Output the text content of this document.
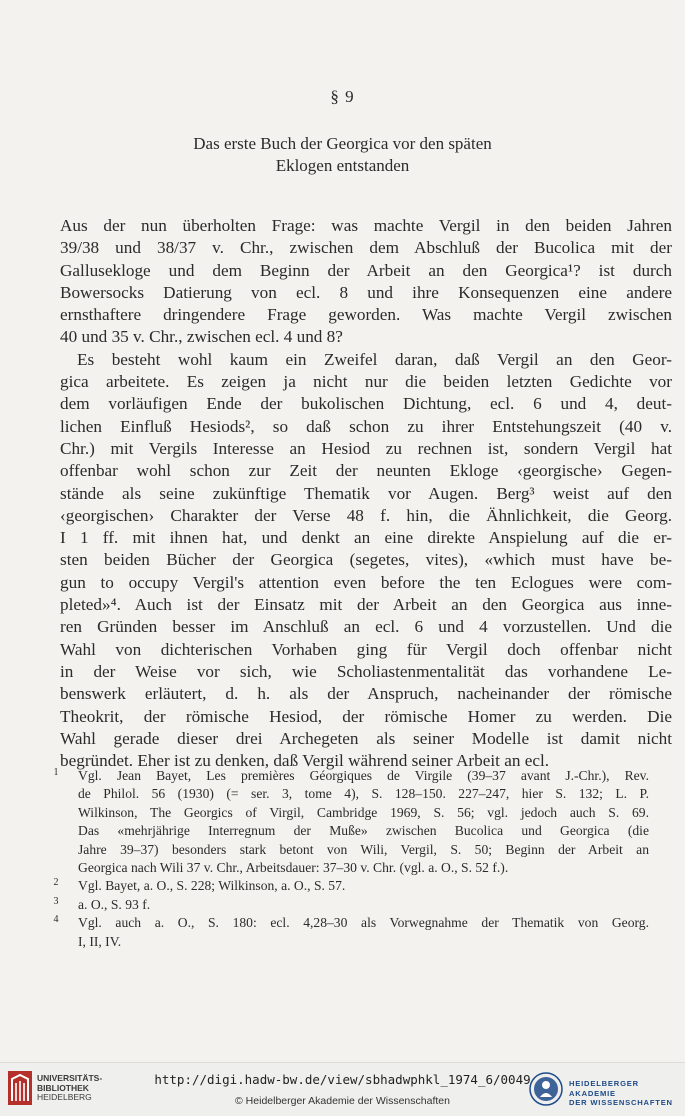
§ 9
Das erste Buch der Georgica vor den späten
Eklogen entstanden
Aus der nun überholten Frage: was machte Vergil in den beiden Jahren
39/38 und 38/37 v. Chr., zwischen dem Abschluß der Bucolica mit der
Gallusekloge und dem Beginn der Arbeit an den Georgica¹? ist durch
Bowersocks Datierung von ecl. 8 und ihre Konsequenzen eine andere
ernsthaftere dringendere Frage geworden. Was machte Vergil zwischen
40 und 35 v. Chr., zwischen ecl. 4 und 8?
Es besteht wohl kaum ein Zweifel daran, daß Vergil an den Geor-
gica arbeitete. Es zeigen ja nicht nur die beiden letzten Gedichte vor
dem vorläufigen Ende der bukolischen Dichtung, ecl. 6 und 4, deut-
lichen Einfluß Hesiods², so daß schon zu ihrer Entstehungszeit (40 v.
Chr.) mit Vergils Interesse an Hesiod zu rechnen ist, sondern Vergil hat
offenbar wohl schon zur Zeit der neunten Ekloge ‹georgische› Gegen-
stände als seine zukünftige Thematik vor Augen. Berg³ weist auf den
‹georgischen› Charakter der Verse 48 f. hin, die Ähnlichkeit, die Georg.
I 1 ff. mit ihnen hat, und denkt an eine direkte Anspielung auf die er-
sten beiden Bücher der Georgica (segetes, vites), «which must have be-
gun to occupy Vergil's attention even before the ten Eclogues were com-
pleted»⁴. Auch ist der Einsatz mit der Arbeit an den Georgica aus inne-
ren Gründen besser im Anschluß an ecl. 6 und 4 vorzustellen. Und die
Wahl von dichterischen Vorhaben ging für Vergil doch offenbar nicht
in der Weise vor sich, wie Scholiastenmentalität das vorhandene Le-
benswerk erläutert, d. h. als der Anspruch, nacheinander der römische
Theokrit, der römische Hesiod, der römische Homer zu werden. Die
Wahl gerade dieser drei Archegeten als seiner Modelle ist damit nicht
begründet. Eher ist zu denken, daß Vergil während seiner Arbeit an ecl.
1	Vgl. Jean Bayet, Les premières Géorgiques de Virgile (39–37 avant J.-Chr.), Rev.
de Philol. 56 (1930) (= ser. 3, tome 4), S. 128–150. 227–247, hier S. 132; L. P.
Wilkinson, The Georgics of Virgil, Cambridge 1969, S. 56; vgl. jedoch auch S. 69.
Das «mehrjährige Interregnum der Muße» zwischen Bucolica und Georgica (die
Jahre 39–37) besonders stark betont von Wili, Vergil, S. 50; Beginn der Arbeit an
Georgica nach Wili 37 v. Chr., Arbeitsdauer: 37–30 v. Chr. (vgl. a. O., S. 52 f.).
2	Vgl. Bayet, a. O., S. 228; Wilkinson, a. O., S. 57.
3	a. O., S. 93 f.
4	Vgl. auch a. O., S. 180: ecl. 4,28–30 als Vorwegnahme der Thematik von Georg.
I, II, IV.
UNIVERSITÄTS-
BIBLIOTHEK
HEIDELBERG
http://digi.hadw-bw.de/view/sbhadwphkl_1974_6/0049
© Heidelberger Akademie der Wissenschaften
HEIDELBERGER AKADEMIE
DER WISSENSCHAFTEN
